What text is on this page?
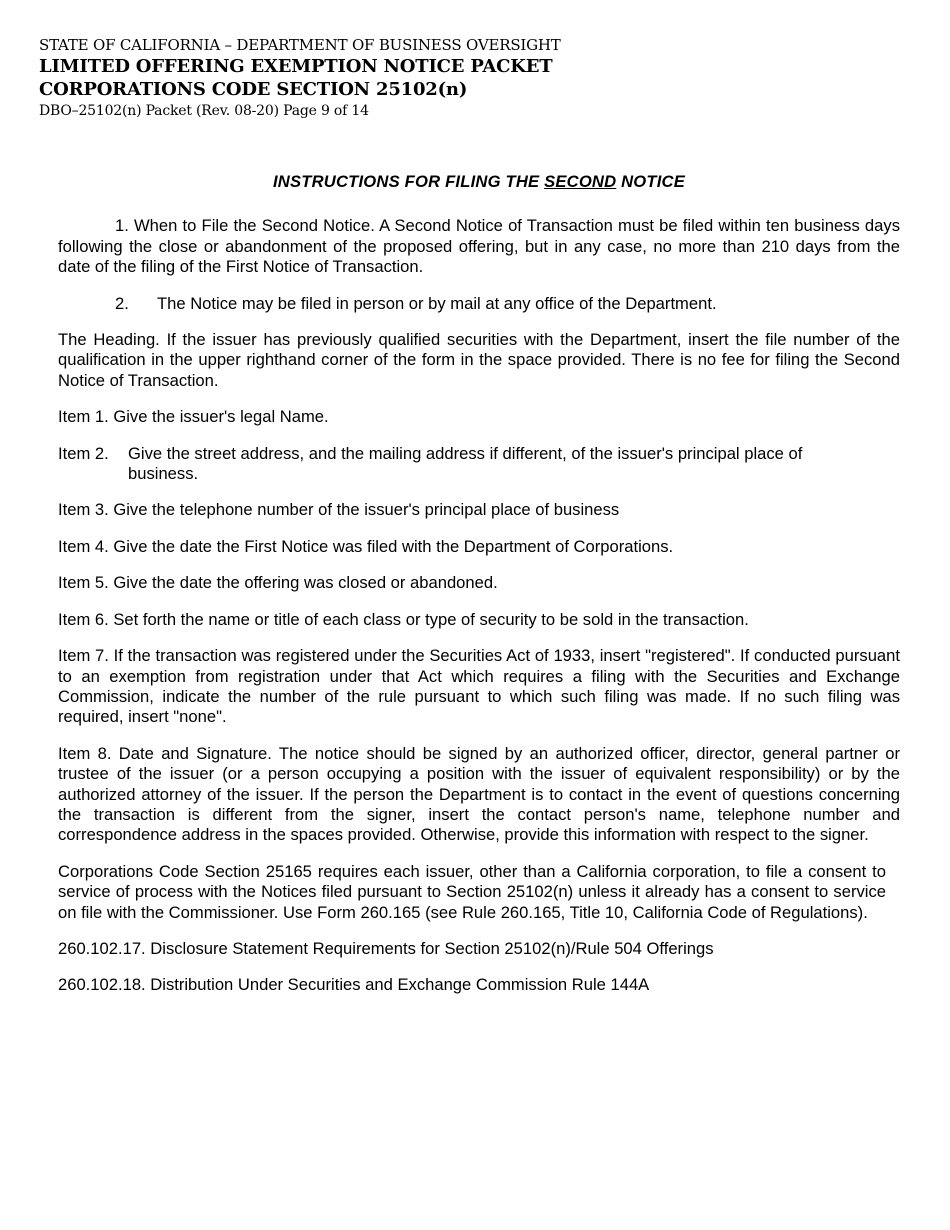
STATE OF CALIFORNIA – DEPARTMENT OF BUSINESS OVERSIGHT
LIMITED OFFERING EXEMPTION NOTICE PACKET
CORPORATIONS CODE SECTION 25102(n)
DBO–25102(n) Packet (Rev. 08-20) Page 9 of 14
INSTRUCTIONS FOR FILING THE SECOND NOTICE

1. When to File the Second Notice. A Second Notice of Transaction must be filed within ten business days following the close or abandonment of the proposed offering, but in any case, no more than 210 days from the date of the filing of the First Notice of Transaction.

2. The Notice may be filed in person or by mail at any office of the Department.

The Heading. If the issuer has previously qualified securities with the Department, insert the file number of the qualification in the upper righthand corner of the form in the space provided. There is no fee for filing the Second Notice of Transaction.

Item 1. Give the issuer's legal Name.

Item 2.	Give the street address, and the mailing address if different, of the issuer's principal place of business.

Item 3. Give the telephone number of the issuer's principal place of business

Item 4. Give the date the First Notice was filed with the Department of Corporations.

Item 5. Give the date the offering was closed or abandoned.

Item 6. Set forth the name or title of each class or type of security to be sold in the transaction.

Item 7. If the transaction was registered under the Securities Act of 1933, insert "registered". If conducted pursuant to an exemption from registration under that Act which requires a filing with the Securities and Exchange Commission, indicate the number of the rule pursuant to which such filing was made. If no such filing was required, insert "none".

Item 8. Date and Signature. The notice should be signed by an authorized officer, director, general partner or trustee of the issuer (or a person occupying a position with the issuer of equivalent responsibility) or by the authorized attorney of the issuer. If the person the Department is to contact in the event of questions concerning the transaction is different from the signer, insert the contact person's name, telephone number and correspondence address in the spaces provided. Otherwise, provide this information with respect to the signer.

Corporations Code Section 25165 requires each issuer, other than a California corporation, to file a consent to service of process with the Notices filed pursuant to Section 25102(n) unless it already has a consent to service on file with the Commissioner. Use Form 260.165 (see Rule 260.165, Title 10, California Code of Regulations).

260.102.17. Disclosure Statement Requirements for Section 25102(n)/Rule 504 Offerings

260.102.18. Distribution Under Securities and Exchange Commission Rule 144A
